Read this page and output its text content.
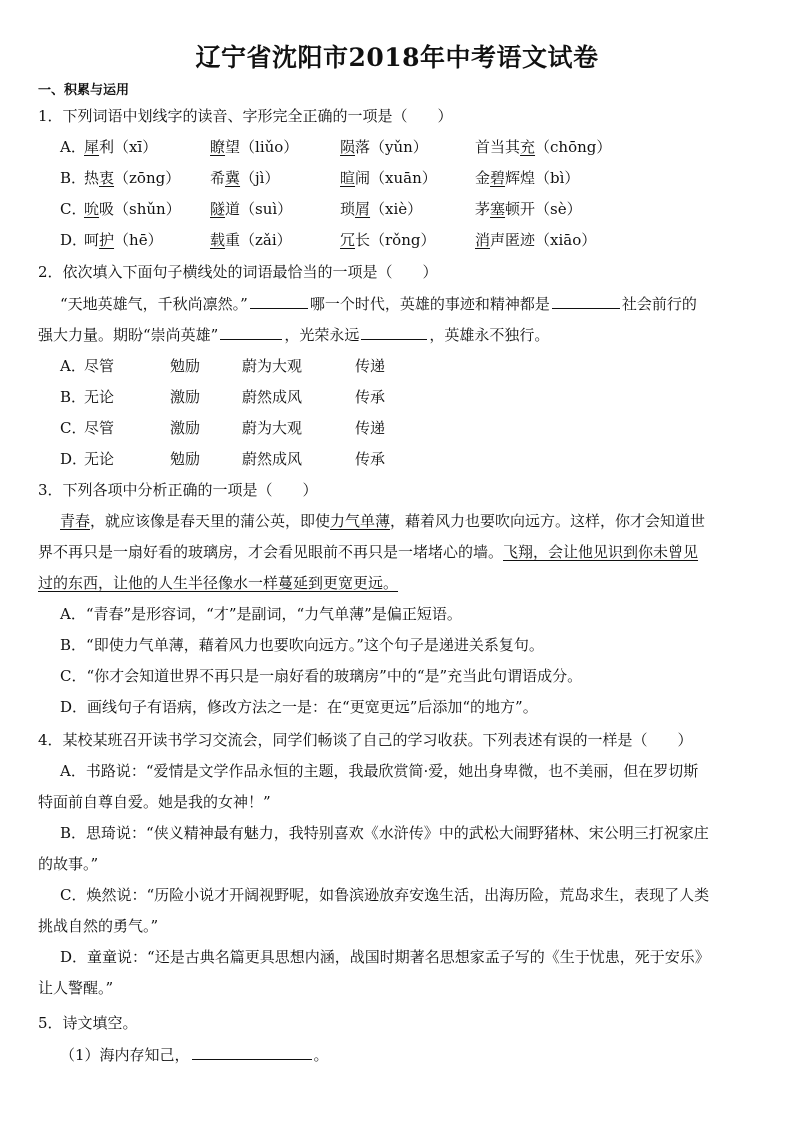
辽宁省沈阳市2018年中考语文试卷
一、积累与运用
1．下列词语中划线字的读音、字形完全正确的一项是（　　）
A．
犀利（xī）	瞭望（liǔo）	陨落（yǔn）	首当其充（chōng）
B．
热衷（zōng） 希冀（jì）	暄闹（xuān）	金碧辉煌（bì）
C．
吮吸（shǔn） 隧道（suì）	琐屑（xiè）	茅塞顿开（sè）
D．
呵护（hē）	载重（zǎi）	冗长（rǒng）	消声匿迹（xiāo）
2．依次填入下面句子横线处的词语最恰当的一项是（　　）
“天地英雄气，千秋尚凛然。”	哪一个时代，英雄的事迹和精神都是	社会前行的
强大力量。期盼“崇尚英雄”	，光荣永远	，英雄永不独行。
A．
尽管	勉励	蔚为大观	传递
B．
无论	激励	蔚然成风	传承
C．
尽管	激励	蔚为大观	传递
D．
无论	勉励	蔚然成风	传承
3．下列各项中分析正确的一项是（　　）
青春，就应该像是春天里的蒲公英，即使力气单薄，藉着风力也要吹向远方。这样，你才会知道世
界不再只是一扇好看的玻璃房，才会看见眼前不再只是一堵堵心的墙。飞翔，会让他见识到你未曾见
过的东西，让他的人生半径像水一样蔓延到更宽更远。
A．“青春”是形容词，“才”是副词，“力气单薄”是偏正短语。
B．“即使力气单薄，藉着风力也要吹向远方。”这个句子是递进关系复句。
C．“你才会知道世界不再只是一扇好看的玻璃房”中的“是”充当此句谓语成分。
D．画线句子有语病，修改方法之一是：在“更宽更远”后添加“的地方”。
4．某校某班召开读书学习交流会，同学们畅谈了自己的学习收获。下列表述有误的一样是（　　）
A．书路说：“爱情是文学作品永恒的主题，我最欣赏简·爱，她出身卑微，也不美丽，但在罗切斯
特面前自尊自爱。她是我的女神！”
B．思琦说：“侠义精神最有魅力，我特别喜欢《水浒传》中的武松大闹野猪林、宋公明三打祝家庄
的故事。”
C．焕然说：“历险小说才开阔视野呢，如鲁滨逊放弃安逸生活，出海历险，荒岛求生，表现了人类
挑战自然的勇气。”
D．童童说：“还是古典名篇更具思想内涵，战国时期著名思想家孟子写的《生于忧患，死于安乐》
让人警醒。”
5．诗文填空。
（1）海内存知己，	。
